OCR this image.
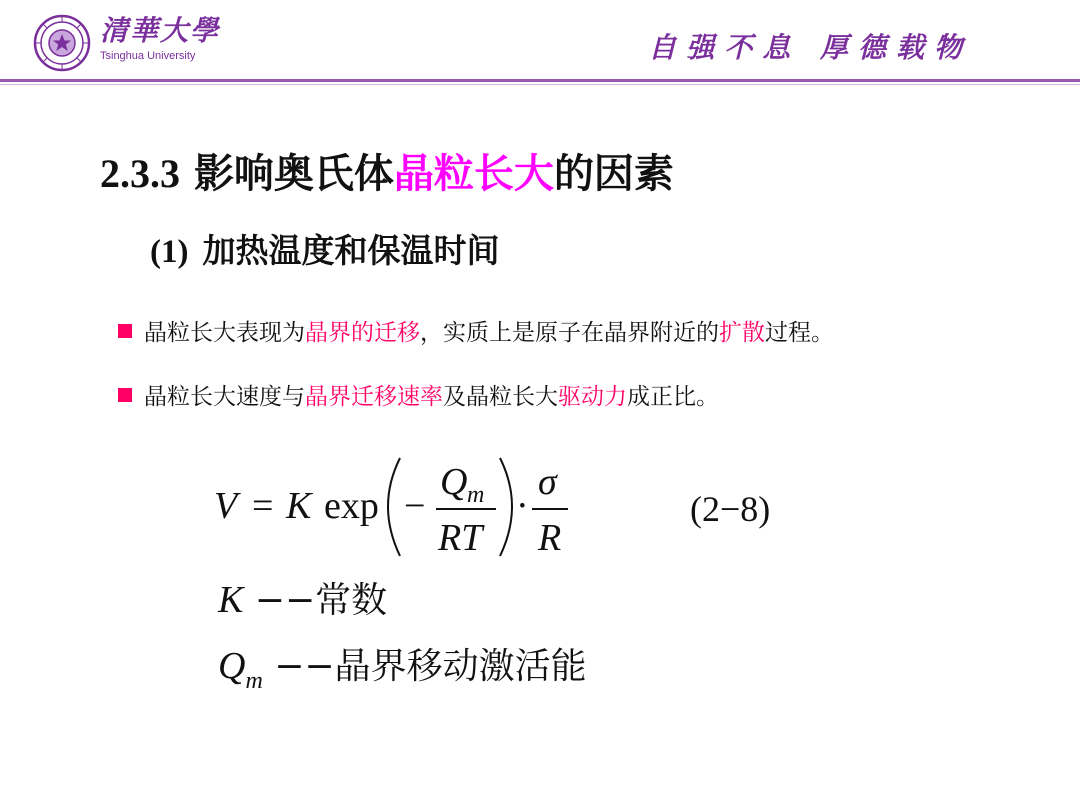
清華大學
Tsinghua University	自强不息 厚德载物
2.3.3 影响奥氏体晶粒长大的因素
(1) 加热温度和保温时间
晶粒长大表现为晶界的迁移，实质上是原子在晶界附近的扩散过程。
晶粒长大速度与晶界迁移速率及晶粒长大驱动力成正比。
V = K exp −
Q m
RT
·
σ
R
(2−8)
K −−常数
$Q_m$ −−晶界移动激活能
